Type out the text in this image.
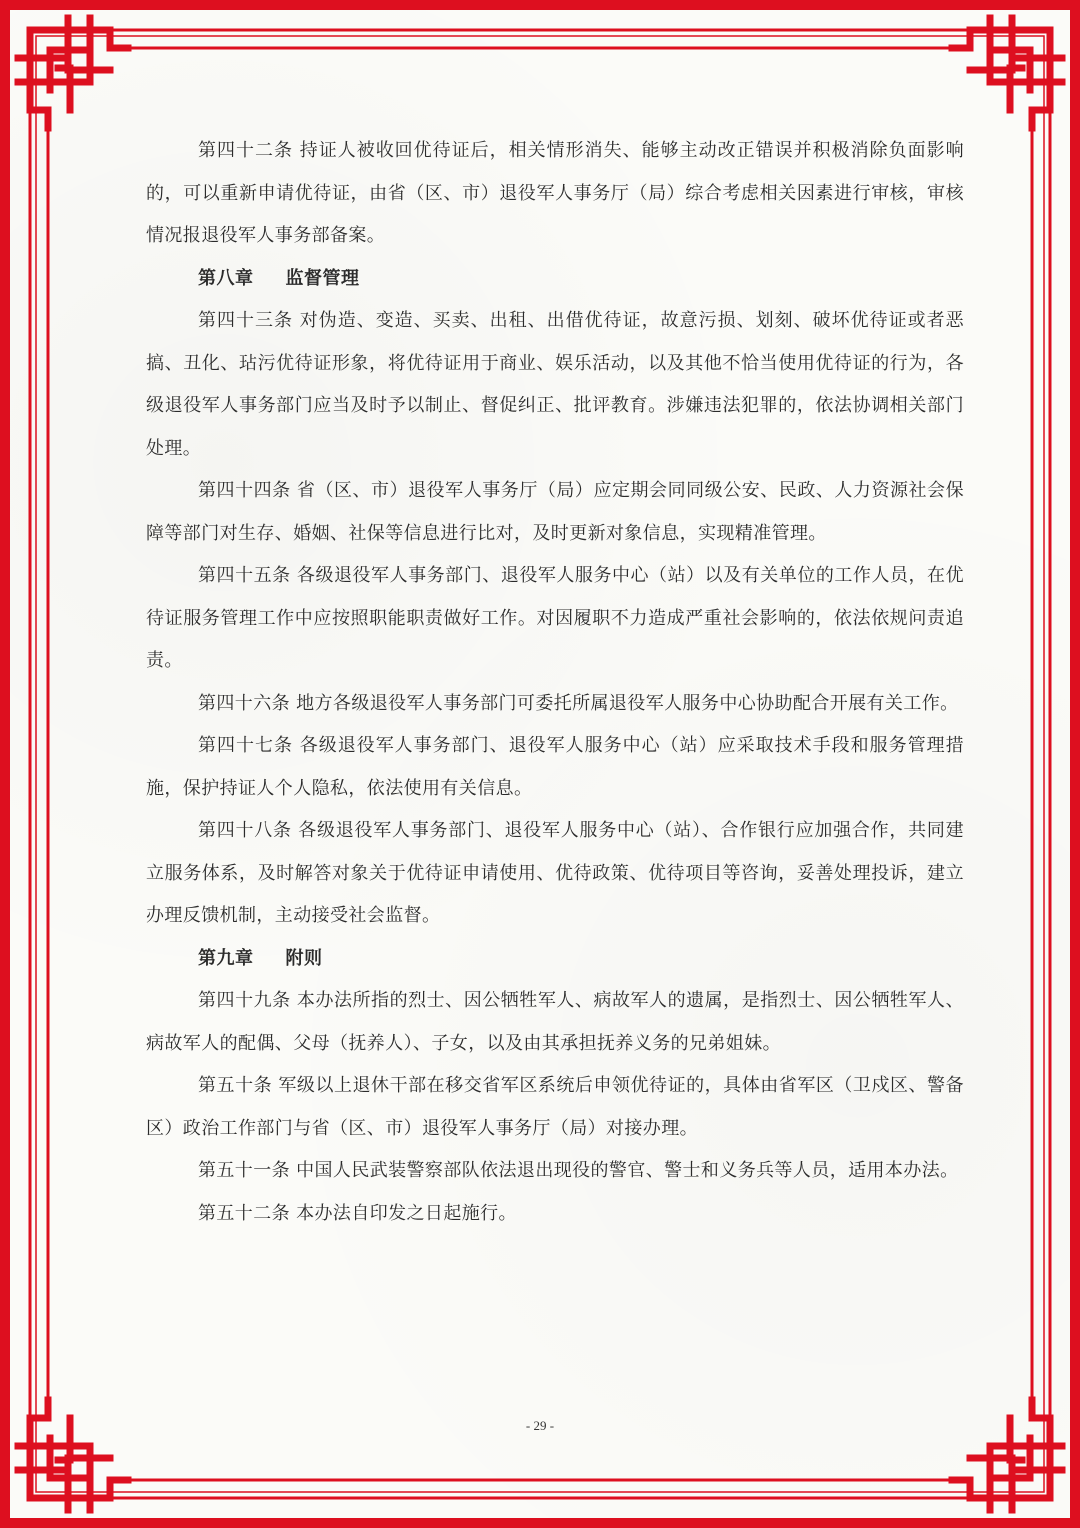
第四十二条 持证人被收回优待证后，相关情形消失、能够主动改正错误并积极消除负面影响的，可以重新申请优待证，由省（区、市）退役军人事务厅（局）综合考虑相关因素进行审核，审核情况报退役军人事务部备案。

第八章 监督管理

第四十三条 对伪造、变造、买卖、出租、出借优待证，故意污损、划刻、破坏优待证或者恶搞、丑化、玷污优待证形象，将优待证用于商业、娱乐活动，以及其他不恰当使用优待证的行为，各级退役军人事务部门应当及时予以制止、督促纠正、批评教育。涉嫌违法犯罪的，依法协调相关部门处理。

第四十四条 省（区、市）退役军人事务厅（局）应定期会同同级公安、民政、人力资源社会保障等部门对生存、婚姻、社保等信息进行比对，及时更新对象信息，实现精准管理。

第四十五条 各级退役军人事务部门、退役军人服务中心（站）以及有关单位的工作人员，在优待证服务管理工作中应按照职能职责做好工作。对因履职不力造成严重社会影响的，依法依规问责追责。

第四十六条 地方各级退役军人事务部门可委托所属退役军人服务中心协助配合开展有关工作。

第四十七条 各级退役军人事务部门、退役军人服务中心（站）应采取技术手段和服务管理措施，保护持证人个人隐私，依法使用有关信息。

第四十八条 各级退役军人事务部门、退役军人服务中心（站）、合作银行应加强合作，共同建立服务体系，及时解答对象关于优待证申请使用、优待政策、优待项目等咨询，妥善处理投诉，建立办理反馈机制，主动接受社会监督。

第九章 附则

第四十九条 本办法所指的烈士、因公牺牲军人、病故军人的遗属，是指烈士、因公牺牲军人、病故军人的配偶、父母（抚养人）、子女，以及由其承担抚养义务的兄弟姐妹。

第五十条 军级以上退休干部在移交省军区系统后申领优待证的，具体由省军区（卫戍区、警备区）政治工作部门与省（区、市）退役军人事务厅（局）对接办理。

第五十一条 中国人民武装警察部队依法退出现役的警官、警士和义务兵等人员，适用本办法。

第五十二条 本办法自印发之日起施行。

- 29 -
